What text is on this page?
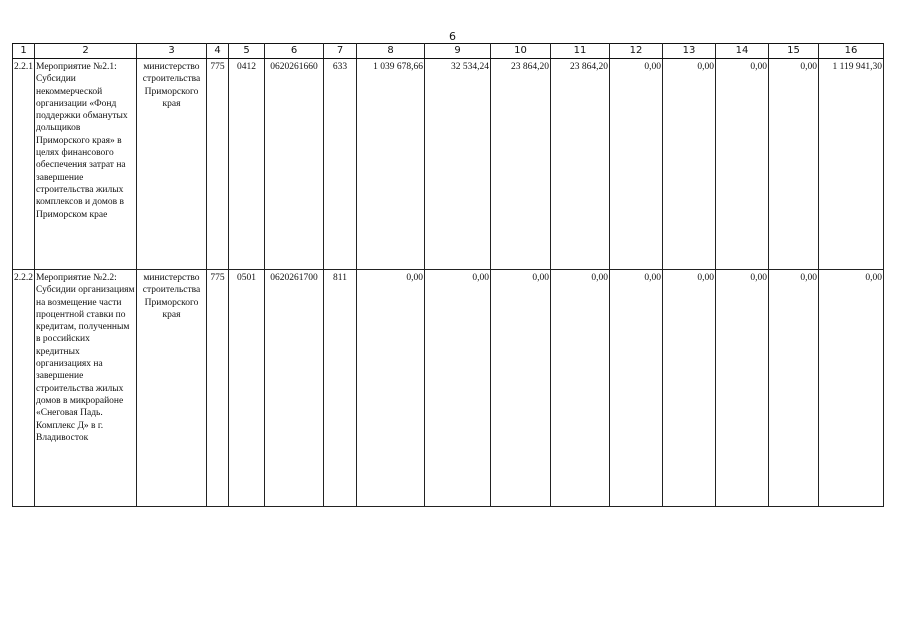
6
1	2	3	4	5	6	7	8	9	10	11	12	13	14	15	16
2.2.1	Мероприятие №2.1: Субсидии некоммерческой организации «Фонд поддержки обманутых дольщиков Приморского края» в целях финансового обеспечения затрат на завершение строительства жилых комплексов и домов в Приморском крае	министерство строительства Приморского края	775	0412	0620261660	633	1 039 678,66	32 534,24	23 864,20	23 864,20	0,00	0,00	0,00	0,00	1 119 941,30
2.2.2	Мероприятие №2.2: Субсидии организациям на возмещение части процентной ставки по кредитам, полученным в российских кредитных организациях на завершение строительства жилых домов в микрорайоне «Снеговая Падь. Комплекс Д» в г. Владивосток	министерство строительства Приморского края	775	0501	0620261700	811	0,00	0,00	0,00	0,00	0,00	0,00	0,00	0,00	0,00
